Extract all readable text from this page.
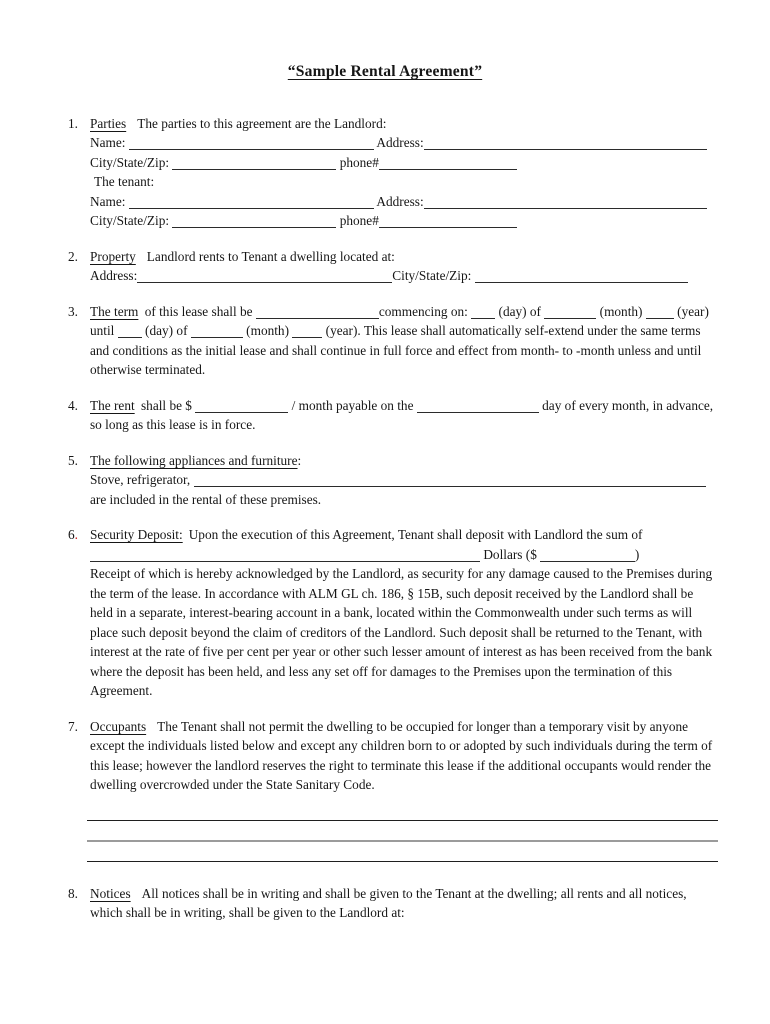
“Sample Rental Agreement”
1. Parties The parties to this agreement are the Landlord:
Name:	Address:
City/State/Zip:	phone#
The tenant:
Name:	Address:
City/State/Zip:	phone#
2. Property Landlord rents to Tenant a dwelling located at:
Address:	City/State/Zip:
3. The term of this lease shall be	commencing on: (day) of	(month)	(year) until (day) of	(month)	(year). This lease shall automatically self-extend under the same terms and conditions as the initial lease and shall continue in full force and effect from month- to -month unless and until otherwise terminated.
4. The rent shall be $	/ month payable on the	day of every month, in advance, so long as this lease is in force.
5. The following appliances and furniture:
Stove, refrigerator,
are included in the rental of these premises.
6. Security Deposit: Upon the execution of this Agreement, Tenant shall deposit with Landlord the sum of
Dollars ($	)
Receipt of which is hereby acknowledged by the Landlord, as security for any damage caused to the Premises during the term of the lease. In accordance with ALM GL ch. 186, § 15B, such deposit received by the Landlord shall be held in a separate, interest-bearing account in a bank, located within the Commonwealth under such terms as will place such deposit beyond the claim of creditors of the Landlord. Such deposit shall be returned to the Tenant, with interest at the rate of five per cent per year or other such lesser amount of interest as has been received from the bank where the deposit has been held, and less any set off for damages to the Premises upon the termination of this Agreement.
7. Occupants The Tenant shall not permit the dwelling to be occupied for longer than a temporary visit by anyone except the individuals listed below and except any children born to or adopted by such individuals during the term of this lease; however the landlord reserves the right to terminate this lease if the additional occupants would render the dwelling overcrowded under the State Sanitary Code.
8. Notices All notices shall be in writing and shall be given to the Tenant at the dwelling; all rents and all notices, which shall be in writing, shall be given to the Landlord at:
